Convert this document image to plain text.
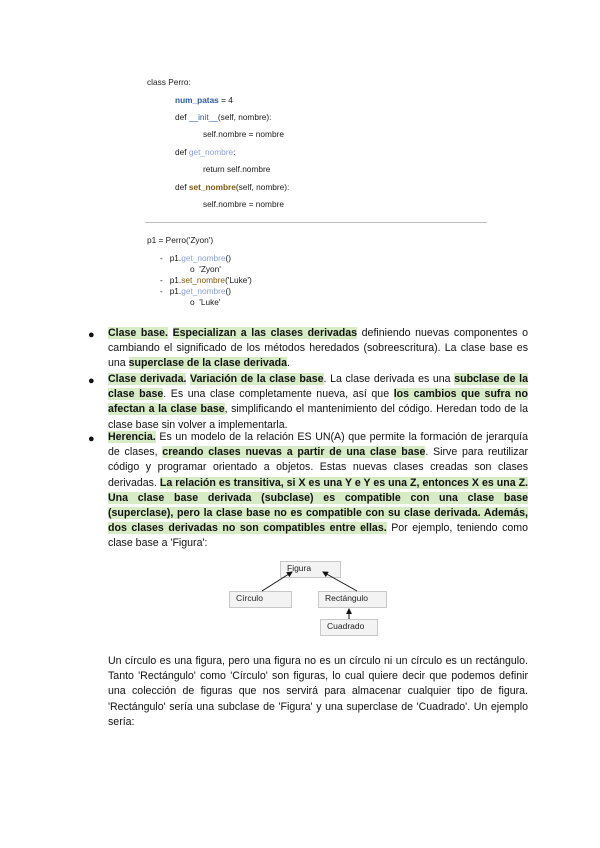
class Perro:
num_patas = 4
def __init__(self, nombre):
self.nombre = nombre
def get_nombre:
return self.nombre
def set_nombre(self, nombre):
self.nombre = nombre
p1 = Perro('Zyon')
- p1.get_nombre()
o 'Zyon'
- p1.set_nombre('Luke')
- p1.get_nombre()
o 'Luke'
● Clase base. Especializan a las clases derivadas definiendo nuevas componentes o cambiando el significado de los métodos heredados (sobreescritura). La clase base es una superclase de la clase derivada.
● Clase derivada. Variación de la clase base. La clase derivada es una subclase de la clase base. Es una clase completamente nueva, así que los cambios que sufra no afectan a la clase base, simplificando el mantenimiento del código. Heredan todo de la clase base sin volver a implementarla.
● Herencia. Es un modelo de la relación ES UN(A) que permite la formación de jerarquía de clases, creando clases nuevas a partir de una clase base. Sirve para reutilizar código y programar orientado a objetos. Estas nuevas clases creadas son clases derivadas. La relación es transitiva, si X es una Y e Y es una Z, entonces X es una Z. Una clase base derivada (subclase) es compatible con una clase base (superclase), pero la clase base no es compatible con su clase derivada. Además, dos clases derivadas no son compatibles entre ellas. Por ejemplo, teniendo como clase base a 'Figura':
Figura
Círculo	Rectángulo
Cuadrado
Un círculo es una figura, pero una figura no es un círculo ni un círculo es un rectángulo. Tanto 'Rectángulo' como 'Círculo' son figuras, lo cual quiere decir que podemos definir una colección de figuras que nos servirá para almacenar cualquier tipo de figura. 'Rectángulo' sería una subclase de 'Figura' y una superclase de 'Cuadrado'. Un ejemplo sería:
